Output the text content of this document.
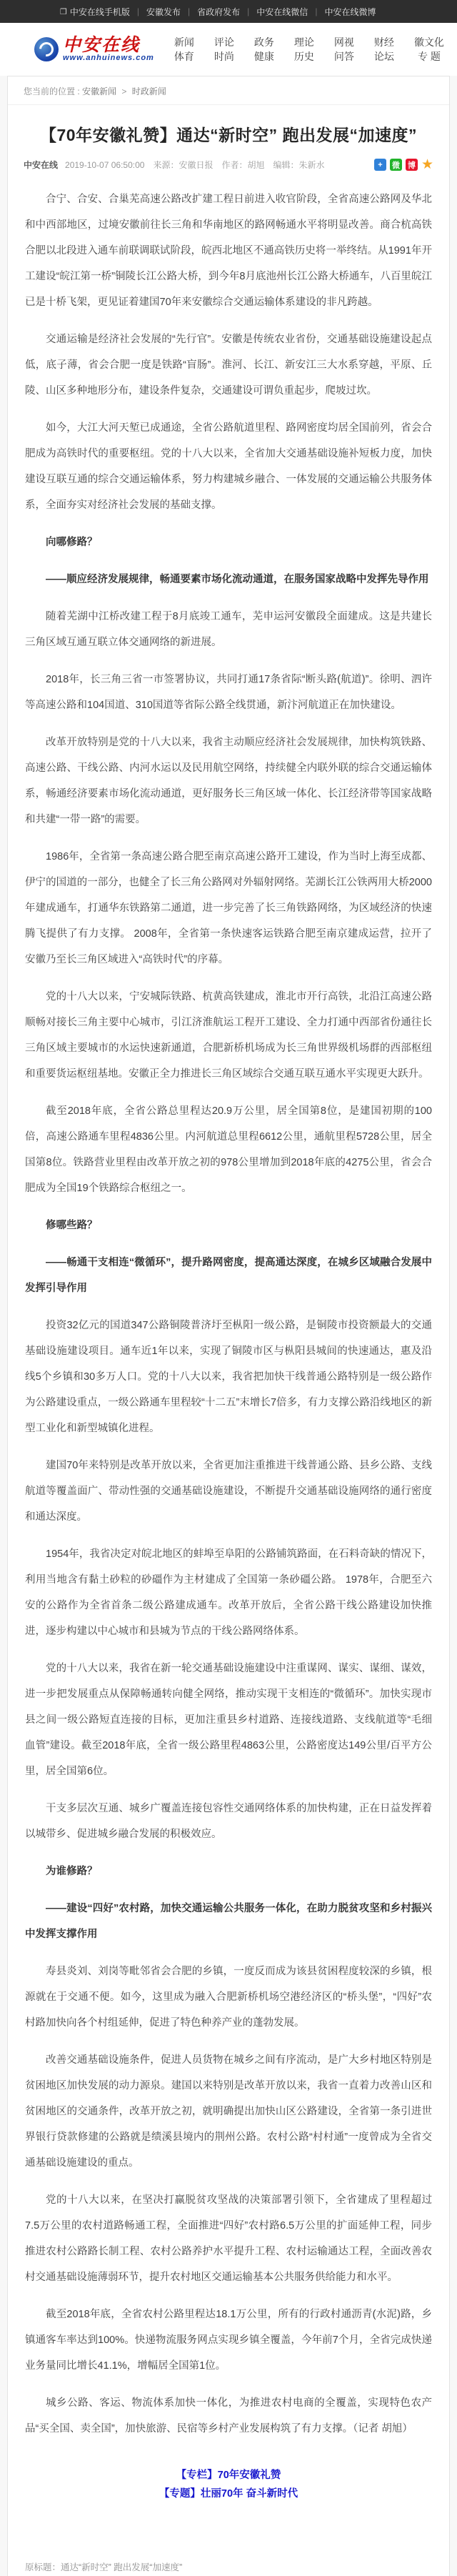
❒ 中安在线手机版 | 安徽发布 | 省政府发布 | 中安在线微信 | 中安在线微博
中安在线
www.anhuinews.com
新闻
体育
评论
时尚
政务
健康
理论
历史
网视
问答
财经
论坛
徽文化
专 题
您当前的位置 : 安徽新闻 > 时政新闻
【70年安徽礼赞】通达“新时空” 跑出发展“加速度”
中安在线 2019-10-07 06:50:00 来源：安徽日报 作者：胡旭 编辑：朱新水	+	微 博 ★

合宁、合安、合巢芜高速公路改扩建工程日前进入收官阶段，全省高速公路网及华北和中西部地区，过境安徽前往长三角和华南地区的路网畅通水平将明显改善。商合杭高铁合肥以北段进入通车前联调联试阶段，皖西北地区不通高铁历史将一举终结。从1991年开工建设“皖江第一桥”铜陵长江公路大桥，到今年8月底池州长江公路大桥通车，八百里皖江已是十桥飞架，更见证着建国70年来安徽综合交通运输体系建设的非凡跨越。

交通运输是经济社会发展的“先行官”。安徽是传统农业省份，交通基础设施建设起点低，底子薄，省会合肥一度是铁路“盲肠”。淮河、长江、新安江三大水系穿越，平原、丘陵、山区多种地形分布，建设条件复杂，交通建设可谓负重起步，爬坡过坎。

如今，大江大河天堑已成通途，全省公路航道里程、路网密度均居全国前列，省会合肥成为高铁时代的重要枢纽。党的十八大以来，全省加大交通基础设施补短板力度，加快建设互联互通的综合交通运输体系，努力构建城乡融合、一体发展的交通运输公共服务体系，全面夯实对经济社会发展的基础支撑。

向哪修路？

——顺应经济发展规律，畅通要素市场化流动通道，在服务国家战略中发挥先导作用

随着芜湖中江桥改建工程于8月底竣工通车，芜申运河安徽段全面建成。这是共建长三角区域互通互联立体交通网络的新进展。

2018年，长三角三省一市签署协议，共同打通17条省际“断头路(航道)”。徐明、泗许等高速公路和104国道、310国道等省际公路全线贯通，新汴河航道正在加快建设。

改革开放特别是党的十八大以来，我省主动顺应经济社会发展规律，加快构筑铁路、高速公路、干线公路、内河水运以及民用航空网络，持续健全内联外联的综合交通运输体系，畅通经济要素市场化流动通道，更好服务长三角区域一体化、长江经济带等国家战略和共建“一带一路”的需要。

1986年，全省第一条高速公路合肥至南京高速公路开工建设，作为当时上海至成都、伊宁的国道的一部分，也健全了长三角公路网对外辐射网络。芜湖长江公铁两用大桥2000年建成通车，打通华东铁路第二通道，进一步完善了长三角铁路网络，为区域经济的快速腾飞提供了有力支撑。 2008年，全省第一条快速客运铁路合肥至南京建成运营，拉开了安徽乃至长三角区域进入“高铁时代”的序幕。

党的十八大以来，宁安城际铁路、杭黄高铁建成，淮北市开行高铁，北沿江高速公路顺畅对接长三角主要中心城市，引江济淮航运工程开工建设、全力打通中西部省份通往长三角区域主要城市的水运快速新通道，合肥新桥机场成为长三角世界级机场群的西部枢纽和重要货运枢纽基地。安徽正全力推进长三角区域综合交通互联互通水平实现更大跃升。

截至2018年底，全省公路总里程达20.9万公里，居全国第8位，是建国初期的100倍，高速公路通车里程4836公里。内河航道总里程6612公里，通航里程5728公里，居全国第8位。铁路营业里程由改革开放之初的978公里增加到2018年底的4275公里，省会合肥成为全国19个铁路综合枢纽之一。

修哪些路？

——畅通干支相连“微循环”，提升路网密度，提高通达深度，在城乡区域融合发展中发挥引导作用

投资32亿元的国道347公路铜陵普济圩至枞阳一级公路，是铜陵市投资额最大的交通基础设施建设项目。通车近1年以来，实现了铜陵市区与枞阳县城间的快速通达，惠及沿线5个乡镇和30多万人口。党的十八大以来，我省把加快干线普通公路特别是一级公路作为公路建设重点，一级公路通车里程较“十二五”末增长7倍多，有力支撑公路沿线地区的新型工业化和新型城镇化进程。

建国70年来特别是改革开放以来，全省更加注重推进干线普通公路、县乡公路、支线航道等覆盖面广、带动性强的交通基础设施建设，不断提升交通基础设施网络的通行密度和通达深度。

1954年，我省决定对皖北地区的蚌埠至阜阳的公路铺筑路面，在石料奇缺的情况下，利用当地含有黏土砂粒的砂礓作为主材建成了全国第一条砂礓公路。 1978年，合肥至六安的公路作为全省首条二级公路建成通车。改革开放后，全省公路干线公路建设加快推进，逐步构建以中心城市和县城为节点的干线公路网络体系。

党的十八大以来，我省在新一轮交通基础设施建设中注重谋网、谋实、谋细、谋效，进一步把发展重点从保障畅通转向健全网络，推动实现干支相连的“微循环”。加快实现市县之间一级公路短直连接的目标，更加注重县乡村道路、连接线道路、支线航道等“毛细血管”建设。截至2018年底，全省一级公路里程4863公里，公路密度达149公里/百平方公里，居全国第6位。

干支多层次互通、城乡广覆盖连接包容性交通网络体系的加快构建，正在日益发挥着以城带乡、促进城乡融合发展的积极效应。

为谁修路？

——建设“四好”农村路，加快交通运输公共服务一体化，在助力脱贫攻坚和乡村振兴中发挥支撑作用

寿县炎刘、刘岗等毗邻省会合肥的乡镇，一度反而成为该县贫困程度较深的乡镇，根源就在于交通不便。如今，这里成为融入合肥新桥机场空港经济区的“桥头堡”，“四好”农村路加快向各个村组延伸，促进了特色种养产业的蓬勃发展。

改善交通基础设施条件，促进人员货物在城乡之间有序流动，是广大乡村地区特别是贫困地区加快发展的动力源泉。建国以来特别是改革开放以来，我省一直着力改善山区和贫困地区的交通条件，改革开放之初，就明确提出加快山区公路建设，全省第一条引进世界银行贷款修建的公路就是绩溪县境内的荆州公路。农村公路“村村通”一度曾成为全省交通基础设施建设的重点。

党的十八大以来，在坚决打赢脱贫攻坚战的决策部署引领下，全省建成了里程超过7.5万公里的农村道路畅通工程，全面推进“四好”农村路6.5万公里的扩面延伸工程，同步推进农村公路路长制工程、农村公路养护水平提升工程、农村运输通达工程，全面改善农村交通基础设施薄弱环节，提升农村地区交通运输基本公共服务供给能力和水平。

截至2018年底，全省农村公路里程达18.1万公里，所有的行政村通沥青(水泥)路，乡镇通客车率达到100%。快递物流服务网点实现乡镇全覆盖，今年前7个月，全省完成快递业务量同比增长41.1%，增幅居全国第1位。

城乡公路、客运、物流体系加快一体化，为推进农村电商的全覆盖，实现特色农产品“买全国、卖全国”，加快旅游、民宿等乡村产业发展构筑了有力支撑。（记者 胡旭）

【专栏】70年安徽礼赞
【专题】壮丽70年 奋斗新时代
原标题：通达“新时空” 跑出发展“加速度”
